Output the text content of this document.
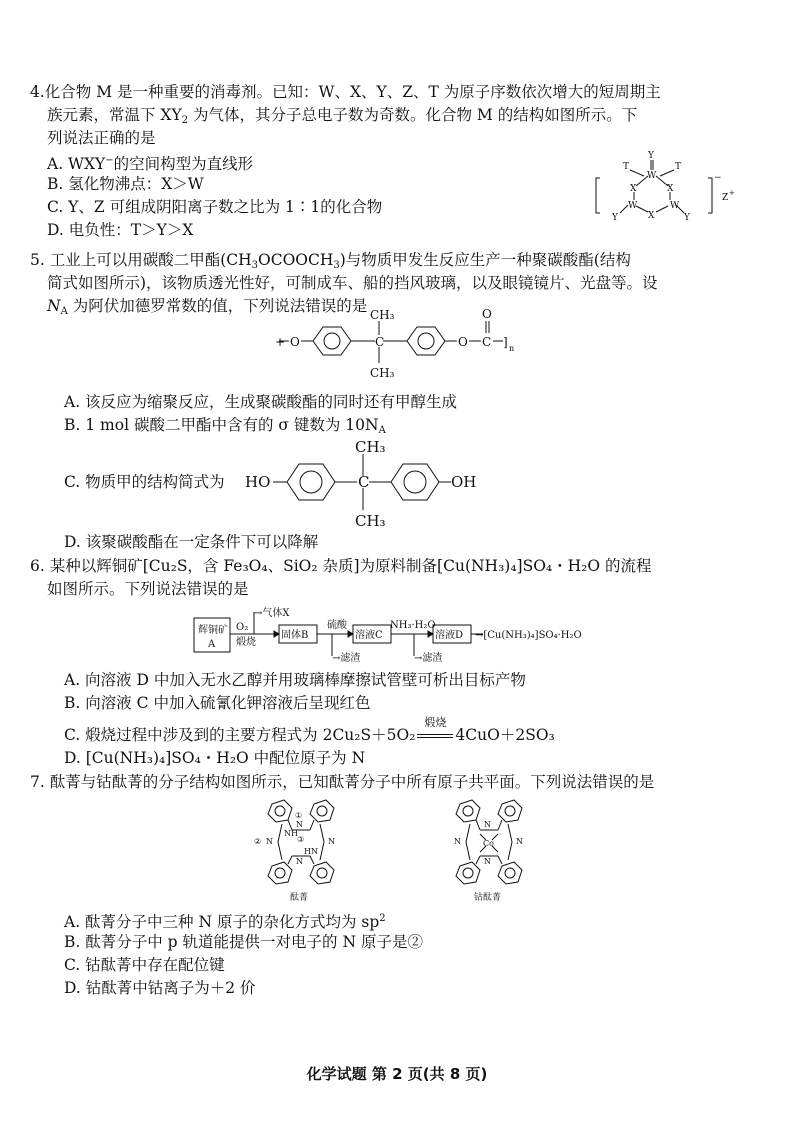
4.化合物 M 是一种重要的消毒剂。已知：W、X、Y、Z、T 为原子序数依次增大的短周期主
族元素，常温下 $XY_2$ 为气体，其分子总电子数为奇数。化合物 M 的结构如图所示。下
列说法正确的是
A. WXY−的空间构型为直线形
B. 氢化物沸点：X＞W
C. Y、Z 可组成阴阳离子数之比为 1∶1的化合物
D. 电负性：T＞Y＞X
Y
W
T	T
X	X
W	W
X
Y	Y
−
Z +
5. 工业上可以用碳酸二甲酯$(CH_3OCOOCH_3)$与物质甲发生反应生产一种聚碳酸酯(结构
简式如图所示)，该物质透光性好，可制成车、船的挡风玻璃，以及眼镜镜片、光盘等。设
$N_A$ 为阿伏加德罗常数的值，下列说法错误的是
+ O	C
CH₃
CH₃
O C
O
] n
A. 该反应为缩聚反应，生成聚碳酸酯的同时还有甲醇生成
B. 1 mol 碳酸二甲酯中含有的 σ 键数为 $10N_A$
C. 物质甲的结构简式为 HO	C
CH₃
CH₃
OH
D. 该聚碳酸酯在一定条件下可以降解
6. 某种以辉铜矿[Cu₂S，含 Fe₃O₄、SiO₂ 杂质]为原料制备[Cu(NH₃)₄]SO₄・H₂O 的流程
如图所示。下列说法错误的是
辉铜矿
A
O₂
煅烧
→气体X
固体B
硫酸
溶液C
→滤渣
NH₃·H₂O
溶液D
→滤渣
→[Cu(NH₃)₄]SO₄·H₂O
A. 向溶液 D 中加入无水乙醇并用玻璃棒摩擦试管壁可析出目标产物
B. 向溶液 C 中加入硫氰化钾溶液后呈现红色
C. 煅烧过程中涉及到的主要方程式为 2Cu₂S＋5O₂
煅烧
4CuO＋2SO₃
D. [Cu(NH₃)₄]SO₄・H₂O 中配位原子为 N
7. 酞菁与钴酞菁的分子结构如图所示，已知酞菁分子中所有原子共平面。下列说法错误的是
N
N	N
N
NH
HN
①
②	③
酞菁
N
N	N
N
Co
钴酞菁
A. 酞菁分子中三种 N 原子的杂化方式均为 $sp^2$
B. 酞菁分子中 p 轨道能提供一对电子的 N 原子是②
C. 钴酞菁中存在配位键
D. 钴酞菁中钴离子为＋2 价
化学试题 第 2 页(共 8 页)
